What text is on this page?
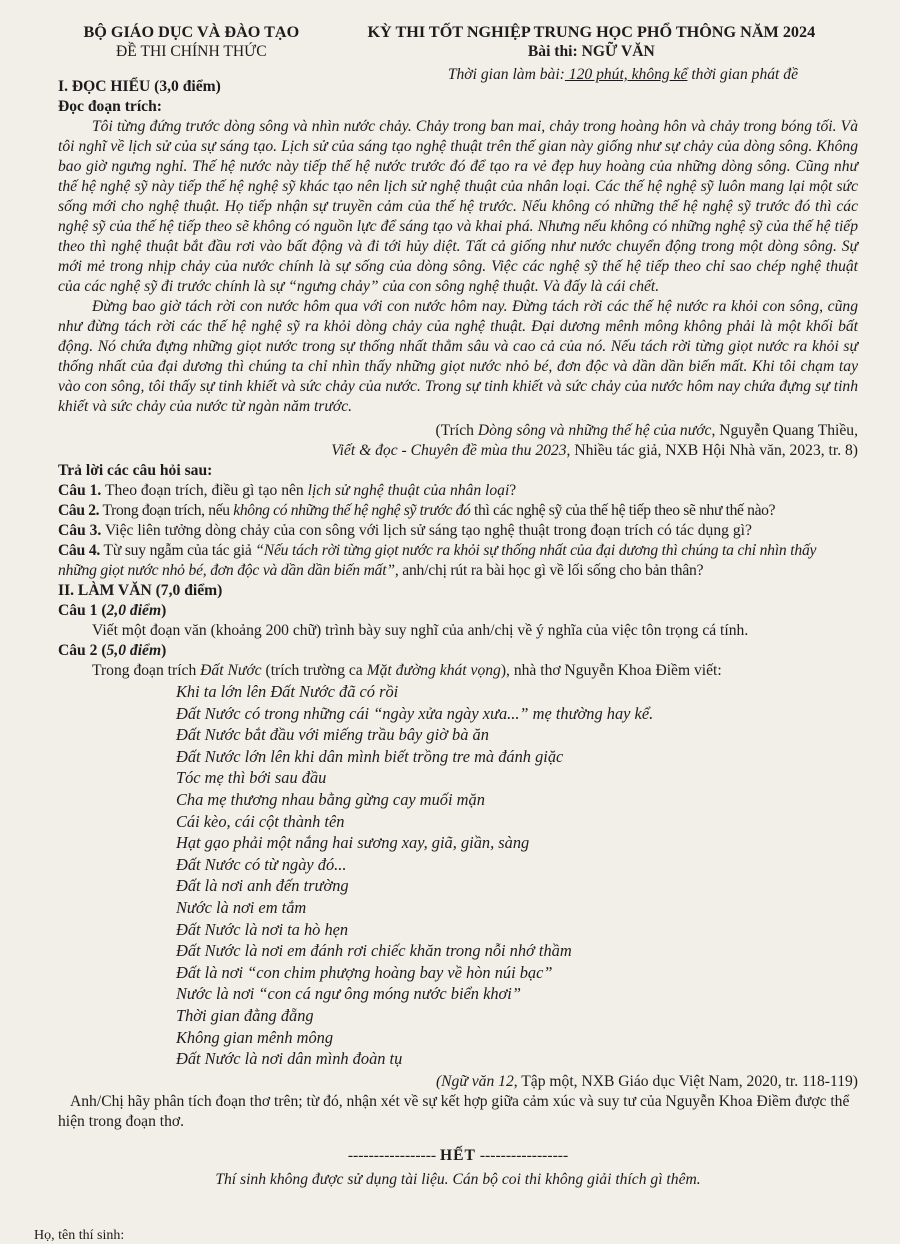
BỘ GIÁO DỤC VÀ ĐÀO TẠO
ĐỀ THI CHÍNH THỨC
KỲ THI TỐT NGHIỆP TRUNG HỌC PHỔ THÔNG NĂM 2024
Bài thi: NGỮ VĂN
Thời gian làm bài: 120 phút, không kể thời gian phát đề
I. ĐỌC HIỂU (3,0 điểm)
Đọc đoạn trích:

Tôi từng đứng trước dòng sông và nhìn nước chảy. Chảy trong ban mai, chảy trong hoàng hôn và chảy trong bóng tối. Và tôi nghĩ về lịch sử của sự sáng tạo. Lịch sử của sáng tạo nghệ thuật trên thế gian này giống như sự chảy của dòng sông. Không bao giờ ngưng nghỉ. Thế hệ nước này tiếp thế hệ nước trước đó để tạo ra vẻ đẹp huy hoàng của những dòng sông. Cũng như thế hệ nghệ sỹ này tiếp thế hệ nghệ sỹ khác tạo nên lịch sử nghệ thuật của nhân loại. Các thế hệ nghệ sỹ luôn mang lại một sức sống mới cho nghệ thuật. Họ tiếp nhận sự truyền cảm của thế hệ trước. Nếu không có những thế hệ nghệ sỹ trước đó thì các nghệ sỹ của thế hệ tiếp theo sẽ không có nguồn lực để sáng tạo và khai phá. Nhưng nếu không có những nghệ sỹ của thế hệ tiếp theo thì nghệ thuật bắt đầu rơi vào bất động và đi tới hủy diệt. Tất cả giống như nước chuyển động trong một dòng sông. Sự mới mẻ trong nhịp chảy của nước chính là sự sống của dòng sông. Việc các nghệ sỹ thế hệ tiếp theo chỉ sao chép nghệ thuật của các nghệ sỹ đi trước chính là sự “ngưng chảy” của con sông nghệ thuật. Và đấy là cái chết.

Đừng bao giờ tách rời con nước hôm qua với con nước hôm nay. Đừng tách rời các thế hệ nước ra khỏi con sông, cũng như đừng tách rời các thế hệ nghệ sỹ ra khỏi dòng chảy của nghệ thuật. Đại dương mênh mông không phải là một khối bất động. Nó chứa đựng những giọt nước trong sự thống nhất thẳm sâu và cao cả của nó. Nếu tách rời từng giọt nước ra khỏi sự thống nhất của đại dương thì chúng ta chỉ nhìn thấy những giọt nước nhỏ bé, đơn độc và dần dần biến mất. Khi tôi chạm tay vào con sông, tôi thấy sự tinh khiết và sức chảy của nước. Trong sự tinh khiết và sức chảy của nước hôm nay chứa đựng sự tinh khiết và sức chảy của nước từ ngàn năm trước.

(Trích Dòng sông và những thế hệ của nước, Nguyễn Quang Thiều,
Viết & đọc - Chuyên đề mùa thu 2023, Nhiều tác giả, NXB Hội Nhà văn, 2023, tr. 8)
Trả lời các câu hỏi sau:

Câu 1. Theo đoạn trích, điều gì tạo nên lịch sử nghệ thuật của nhân loại?

Câu 2. Trong đoạn trích, nếu không có những thế hệ nghệ sỹ trước đó thì các nghệ sỹ của thế hệ tiếp theo sẽ như thế nào?

Câu 3. Việc liên tưởng dòng chảy của con sông với lịch sử sáng tạo nghệ thuật trong đoạn trích có tác dụng gì?

Câu 4. Từ suy ngẫm của tác giả “Nếu tách rời từng giọt nước ra khỏi sự thống nhất của đại dương thì chúng ta chỉ nhìn thấy những giọt nước nhỏ bé, đơn độc và dần dần biến mất”, anh/chị rút ra bài học gì về lối sống cho bản thân?

II. LÀM VĂN (7,0 điểm)
Câu 1 (2,0 điểm)
Viết một đoạn văn (khoảng 200 chữ) trình bày suy nghĩ của anh/chị về ý nghĩa của việc tôn trọng cá tính.
Câu 2 (5,0 điểm)
Trong đoạn trích Đất Nước (trích trường ca Mặt đường khát vọng), nhà thơ Nguyễn Khoa Điềm viết:
Khi ta lớn lên Đất Nước đã có rồi
Đất Nước có trong những cái “ngày xửa ngày xưa...” mẹ thường hay kể.
Đất Nước bắt đầu với miếng trầu bây giờ bà ăn
Đất Nước lớn lên khi dân mình biết trồng tre mà đánh giặc
Tóc mẹ thì bới sau đầu
Cha mẹ thương nhau bằng gừng cay muối mặn
Cái kèo, cái cột thành tên
Hạt gạo phải một nắng hai sương xay, giã, giần, sàng
Đất Nước có từ ngày đó...
Đất là nơi anh đến trường
Nước là nơi em tắm
Đất Nước là nơi ta hò hẹn
Đất Nước là nơi em đánh rơi chiếc khăn trong nỗi nhớ thầm
Đất là nơi “con chim phượng hoàng bay về hòn núi bạc”
Nước là nơi “con cá ngư ông móng nước biển khơi”
Thời gian đằng đẵng
Không gian mênh mông
Đất Nước là nơi dân mình đoàn tụ
(Ngữ văn 12, Tập một, NXB Giáo dục Việt Nam, 2020, tr. 118-119)
Anh/Chị hãy phân tích đoạn thơ trên; từ đó, nhận xét về sự kết hợp giữa cảm xúc và suy tư của Nguyễn Khoa Điềm được thể hiện trong đoạn thơ.
----------------- HẾT -----------------
Thí sinh không được sử dụng tài liệu. Cán bộ coi thi không giải thích gì thêm.
Họ, tên thí sinh:
